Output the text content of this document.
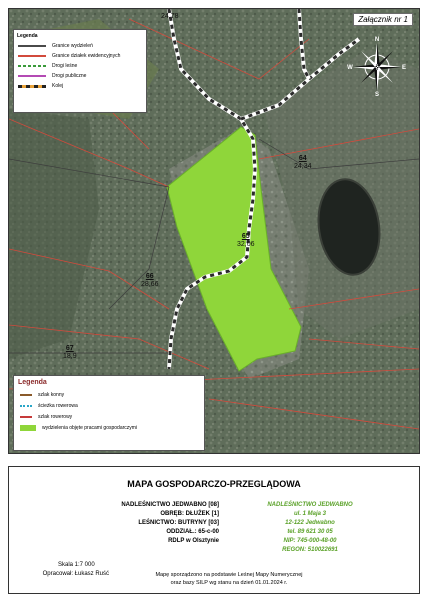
Załącznik nr 1
Legenda
Granice wydzieleń
Granice działek ewidencyjnych
Drogi leśne
Drogi publiczne
Kolej
N
S
E
W
24,78
64
24,34
65
32,06
66
28,66
67
18,9
Legenda
szlak konny
ścieżka rowerowa
szlak rowerowy
wydzielenia objęte pracami gospodarczymi
MAPA GOSPODARCZO-PRZEGLĄDOWA
NADLEŚNICTWO JEDWABNO [08]
OBRĘB: DŁUŻEK [1]
LEŚNICTWO: BUTRYNY [03]
ODDZIAŁ.: 65-c-00
RDLP w Olsztynie
NADLEŚNICTWO JEDWABNO
ul. 1 Maja 3
12-122 Jedwabno
tel. 89 621 30 05
NIP: 745-000-48-00
REGON: 510022691
Skala 1:7 000
Opracował: Łukasz Ruść	Mapę sporządzono na podstawie Leśnej Mapy Numerycznej
oraz bazy SILP wg stanu na dzień 01.01.2024 r.
